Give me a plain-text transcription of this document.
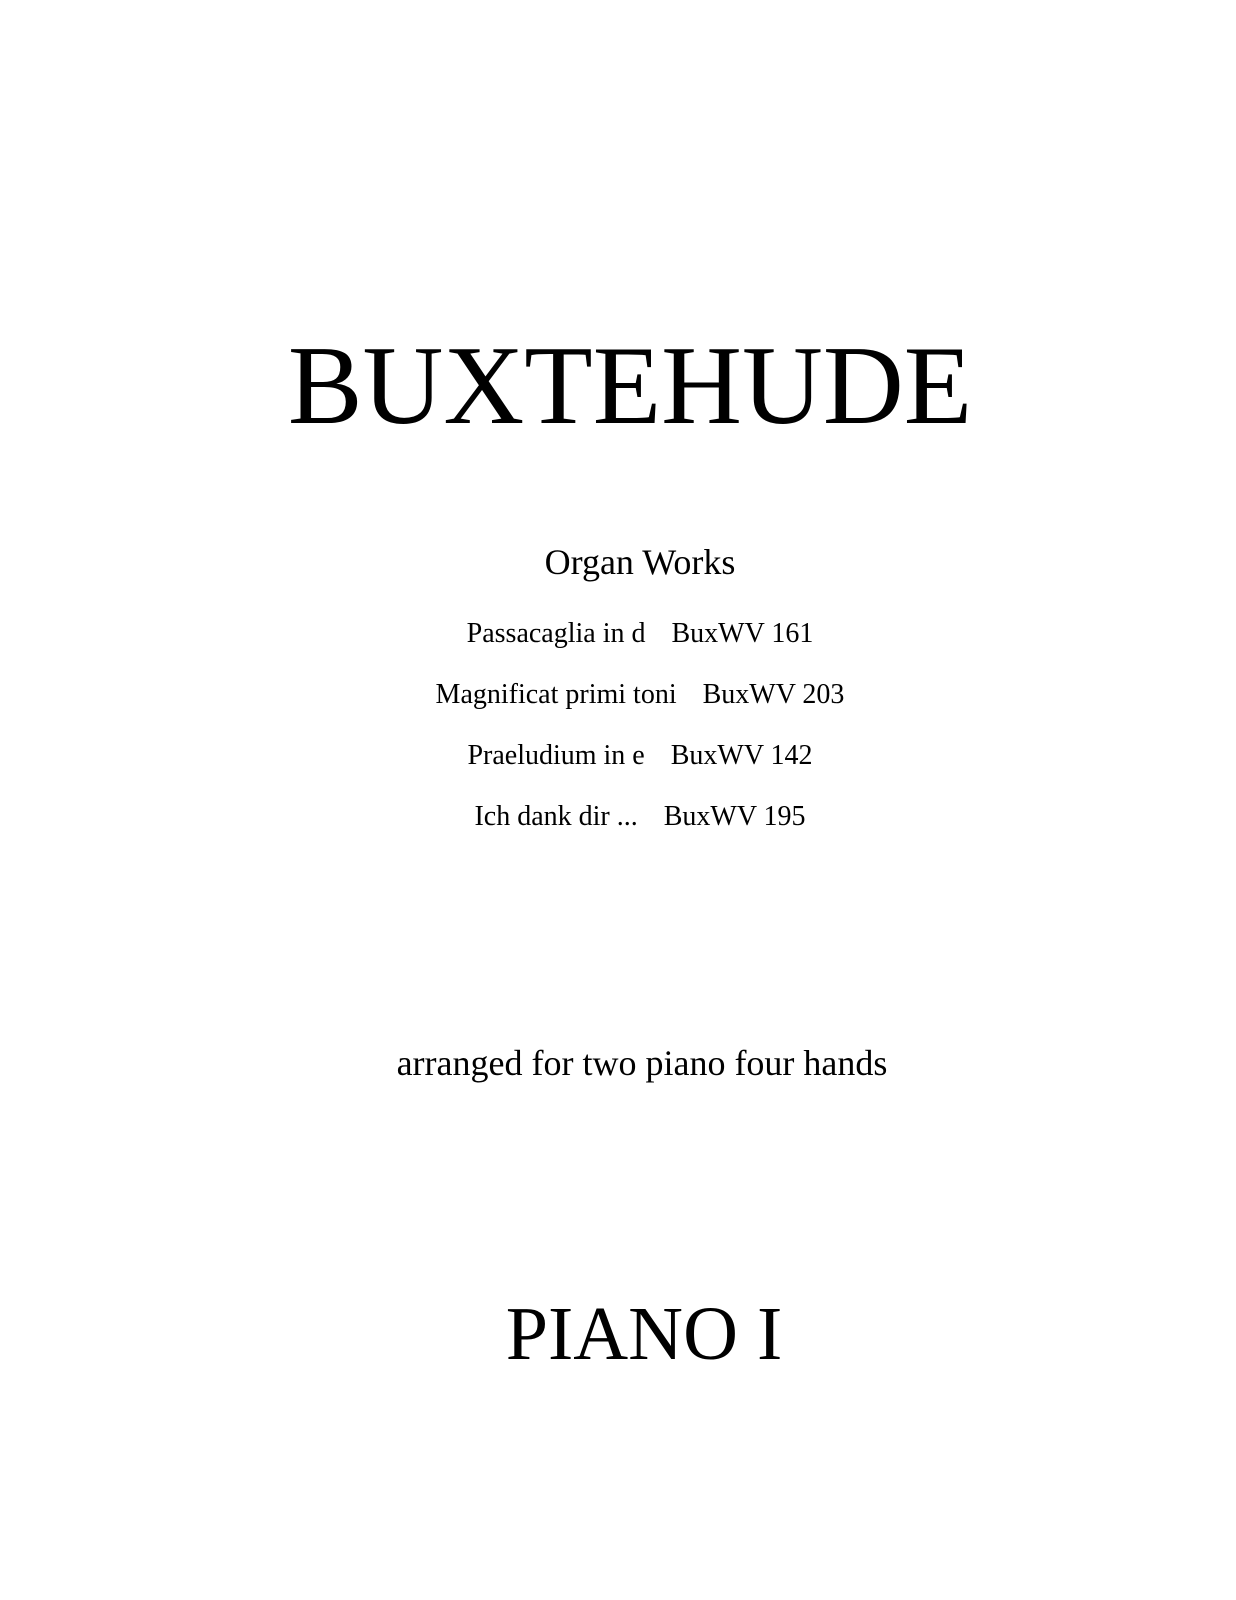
BUXTEHUDE
Organ Works
Passacaglia in d BuxWV 161
Magnificat primi toni BuxWV 203
Praeludium in e BuxWV 142
Ich dank dir ... BuxWV 195

arranged for two piano four hands

PIANO I
